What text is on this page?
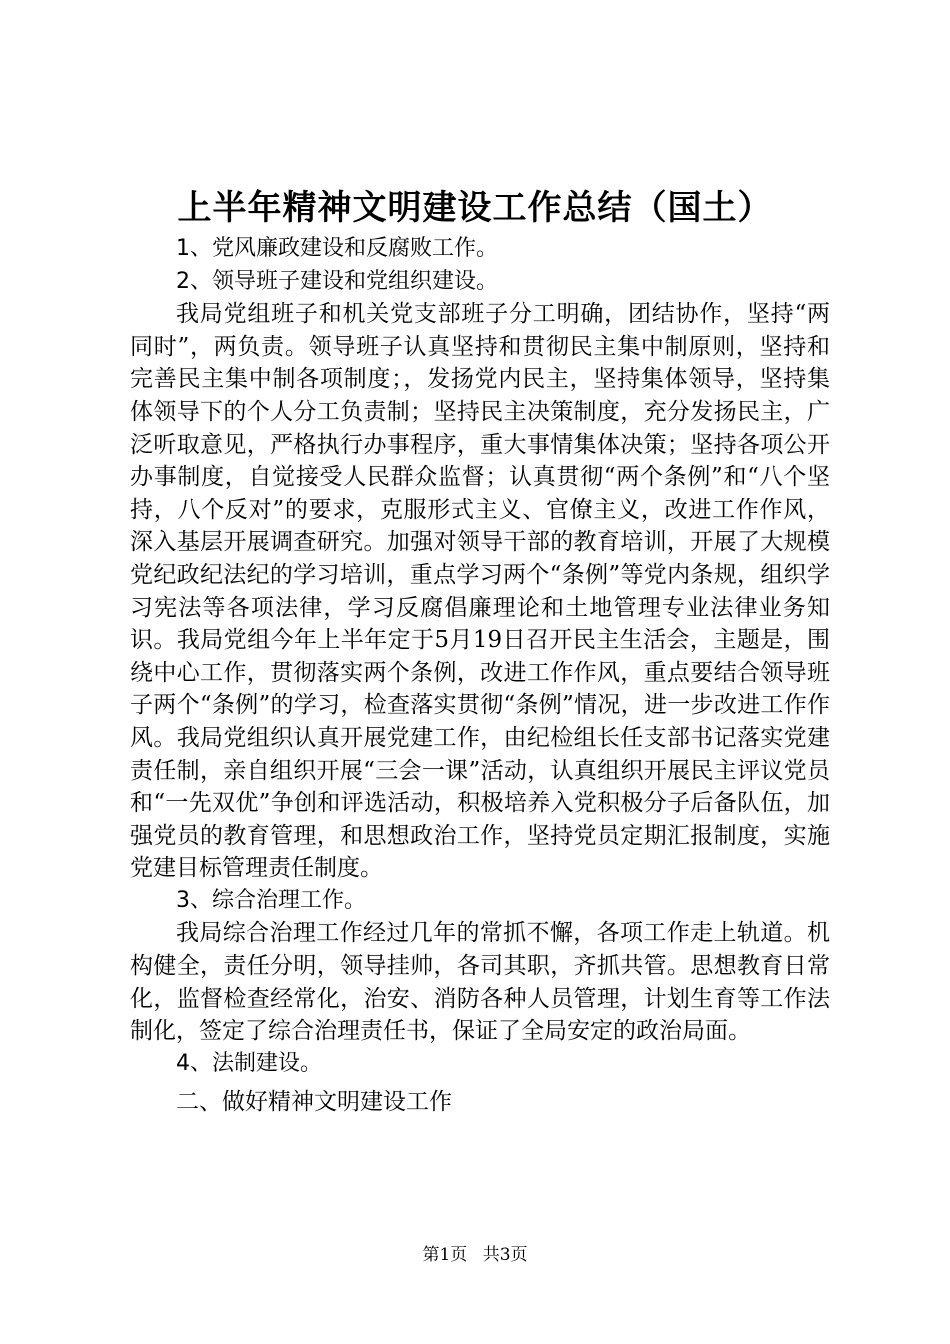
上半年精神文明建设工作总结（国土）

1、党风廉政建设和反腐败工作。

2、领导班子建设和党组织建设。

我局党组班子和机关党支部班子分工明确，团结协作，坚持“两同时”，两负责。领导班子认真坚持和贯彻民主集中制原则，坚持和完善民主集中制各项制度；，发扬党内民主，坚持集体领导，坚持集体领导下的个人分工负责制；坚持民主决策制度，充分发扬民主，广泛听取意见，严格执行办事程序，重大事情集体决策；坚持各项公开办事制度，自觉接受人民群众监督；认真贯彻“两个条例”和“八个坚持，八个反对”的要求，克服形式主义、官僚主义，改进工作作风，深入基层开展调查研究。加强对领导干部的教育培训，开展了大规模党纪政纪法纪的学习培训，重点学习两个“条例”等党内条规，组织学习宪法等各项法律，学习反腐倡廉理论和土地管理专业法律业务知识。我局党组今年上半年定于5月19日召开民主生活会，主题是，围绕中心工作，贯彻落实两个条例，改进工作作风，重点要结合领导班子两个“条例”的学习，检查落实贯彻“条例”情况，进一步改进工作作风。我局党组织认真开展党建工作，由纪检组长任支部书记落实党建责任制，亲自组织开展“三会一课”活动，认真组织开展民主评议党员和“一先双优”争创和评选活动，积极培养入党积极分子后备队伍，加强党员的教育管理，和思想政治工作，坚持党员定期汇报制度，实施党建目标管理责任制度。

3、综合治理工作。

我局综合治理工作经过几年的常抓不懈，各项工作走上轨道。机构健全，责任分明，领导挂帅，各司其职，齐抓共管。思想教育日常化，监督检查经常化，治安、消防各种人员管理，计划生育等工作法制化，签定了综合治理责任书，保证了全局安定的政治局面。

4、法制建设。

二、做好精神文明建设工作

第1页 共3页
